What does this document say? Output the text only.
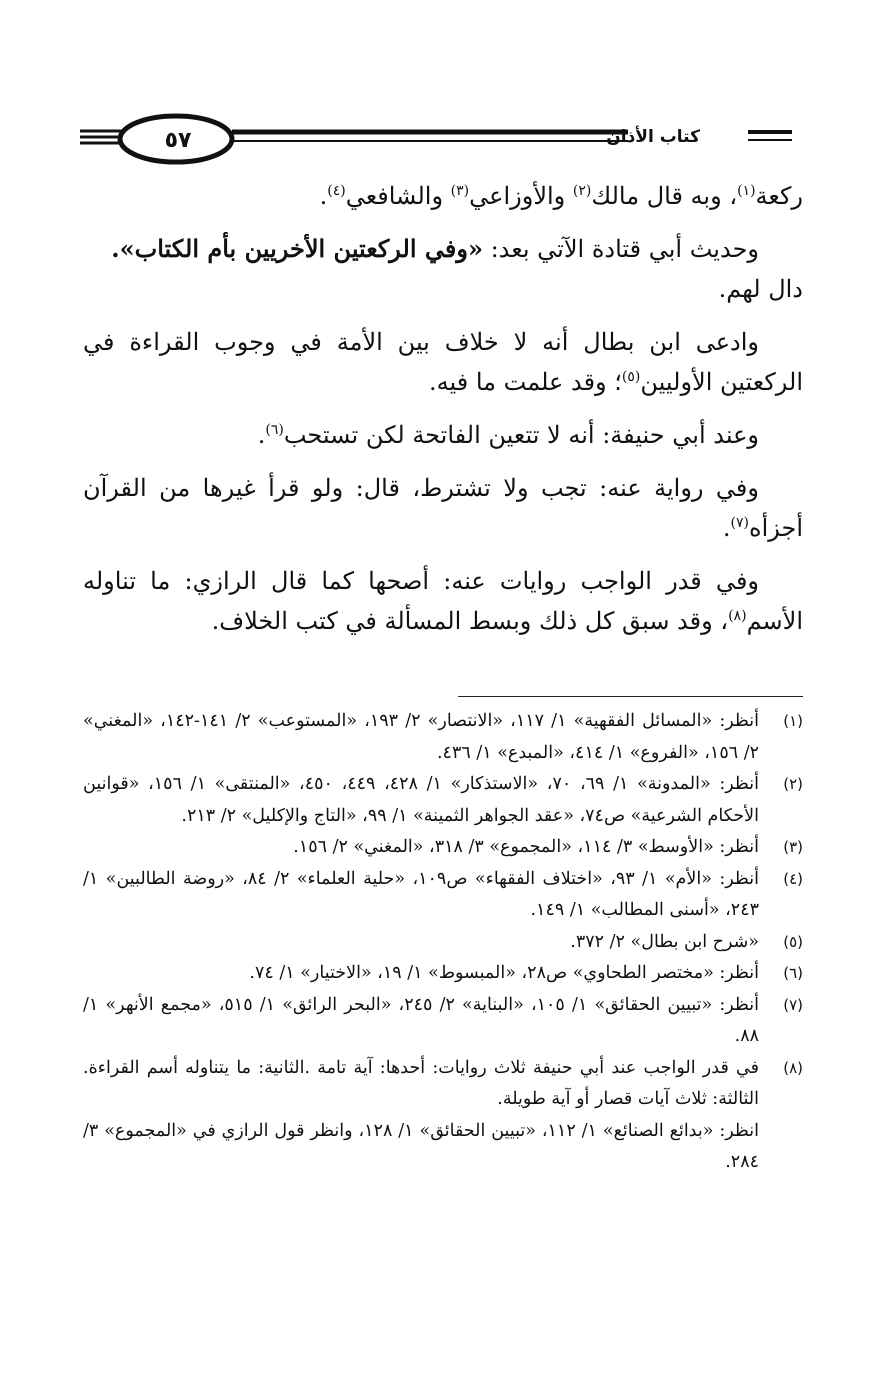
٥٧	كتاب الأذان

ركعة$^{(١)}$، وبه قال مالك$^{(٢)}$ والأوزاعي$^{(٣)}$ والشافعي$^{(٤)}$.

وحديث أبي قتادة الآتي بعد: «وفي الركعتين الأخريين بأم الكتاب».

دال لهم.

وادعى ابن بطال أنه لا خلاف بين الأمة في وجوب القراءة في الركعتين الأوليين$^{(٥)}$؛ وقد علمت ما فيه.

وعند أبي حنيفة: أنه لا تتعين الفاتحة لكن تستحب$^{(٦)}$.

وفي رواية عنه: تجب ولا تشترط، قال: ولو قرأ غيرها من القرآن أجزأه$^{(٧)}$.

وفي قدر الواجب روايات عنه: أصحها كما قال الرازي: ما تناوله الأسم$^{(٨)}$، وقد سبق كل ذلك وبسط المسألة في كتب الخلاف.

(١)

أنظر: «المسائل الفقهية» ١/ ١١٧، «الانتصار» ٢/ ١٩٣، «المستوعب» ٢/ ١٤١-١٤٢، «المغني» ٢/ ١٥٦، «الفروع» ١/ ٤١٤، «المبدع» ١/ ٤٣٦.

(٢)

أنظر: «المدونة» ١/ ٦٩، ٧٠، «الاستذكار» ١/ ٤٢٨، ٤٤٩، ٤٥٠، «المنتقى» ١/ ١٥٦، «قوانين الأحكام الشرعية» ص٧٤، «عقد الجواهر الثمينة» ١/ ٩٩، «التاج والإكليل» ٢/ ٢١٣.

(٣)

أنظر: «الأوسط» ٣/ ١١٤، «المجموع» ٣/ ٣١٨، «المغني» ٢/ ١٥٦.

(٤)

أنظر: «الأم» ١/ ٩٣، «اختلاف الفقهاء» ص١٠٩، «حلية العلماء» ٢/ ٨٤، «روضة الطالبين» ١/ ٢٤٣، «أسنى المطالب» ١/ ١٤٩.

(٥)

«شرح ابن بطال» ٢/ ٣٧٢.

(٦)

أنظر: «مختصر الطحاوي» ص٢٨، «المبسوط» ١/ ١٩، «الاختيار» ١/ ٧٤.

(٧)

أنظر: «تبيين الحقائق» ١/ ١٠٥، «البناية» ٢/ ٢٤٥، «البحر الرائق» ١/ ٥١٥، «مجمع الأنهر» ١/ ٨٨.

(٨)

في قدر الواجب عند أبي حنيفة ثلاث روايات: أحدها: آية تامة .الثانية: ما يتناوله أسم القراءة. الثالثة: ثلاث آيات قصار أو آية طويلة.

انظر: «بدائع الصنائع» ١/ ١١٢، «تبيين الحقائق» ١/ ١٢٨، وانظر قول الرازي في «المجموع» ٣/ ٢٨٤.
